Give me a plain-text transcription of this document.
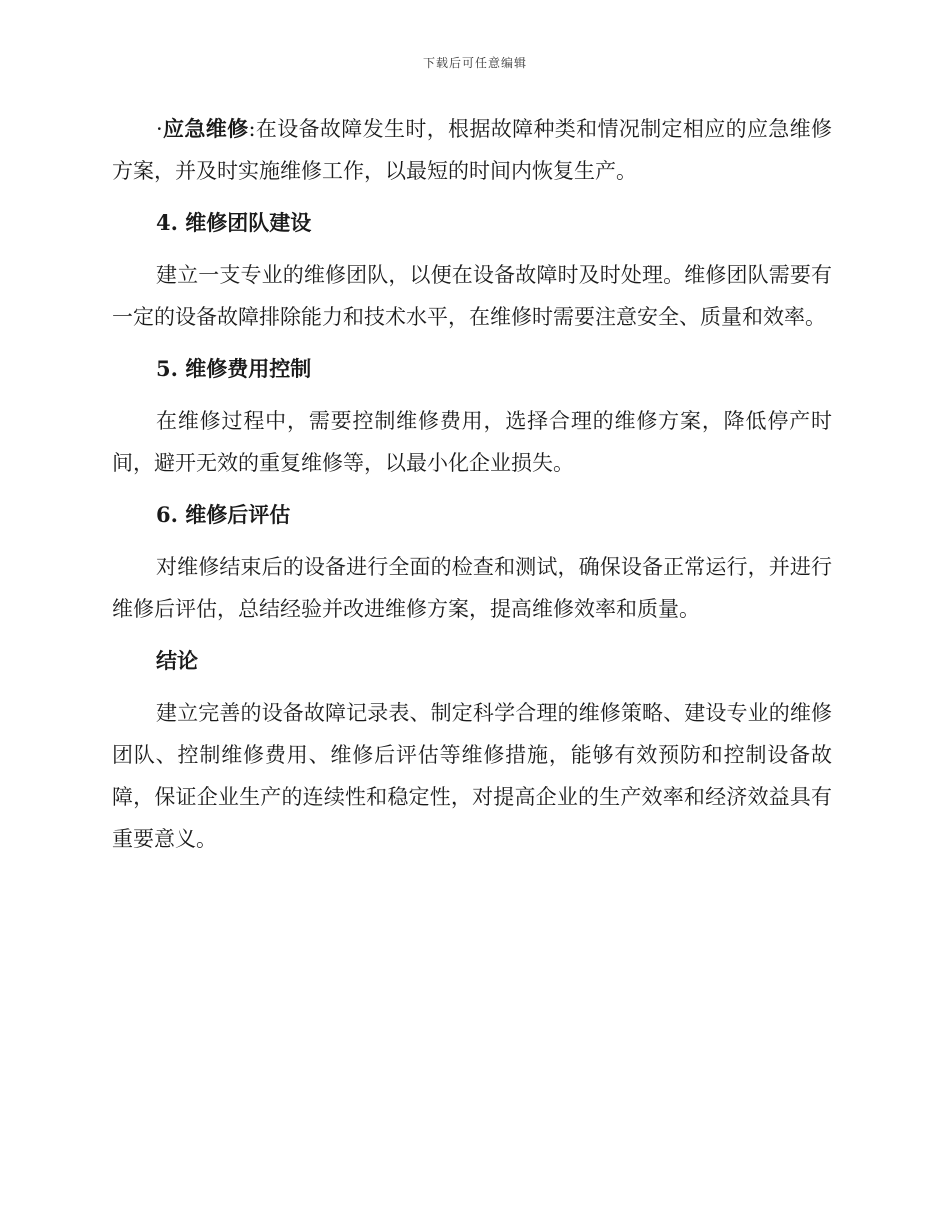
下载后可任意编辑

·应急维修:在设备故障发生时，根据故障种类和情况制定相应的应急维修方案，并及时实施维修工作，以最短的时间内恢复生产。

4. 维修团队建设

建立一支专业的维修团队，以便在设备故障时及时处理。维修团队需要有一定的设备故障排除能力和技术水平，在维修时需要注意安全、质量和效率。

5. 维修费用控制

在维修过程中，需要控制维修费用，选择合理的维修方案，降低停产时间，避开无效的重复维修等，以最小化企业损失。

6. 维修后评估

对维修结束后的设备进行全面的检查和测试，确保设备正常运行，并进行维修后评估，总结经验并改进维修方案，提高维修效率和质量。

结论

建立完善的设备故障记录表、制定科学合理的维修策略、建设专业的维修团队、控制维修费用、维修后评估等维修措施，能够有效预防和控制设备故障，保证企业生产的连续性和稳定性，对提高企业的生产效率和经济效益具有重要意义。
